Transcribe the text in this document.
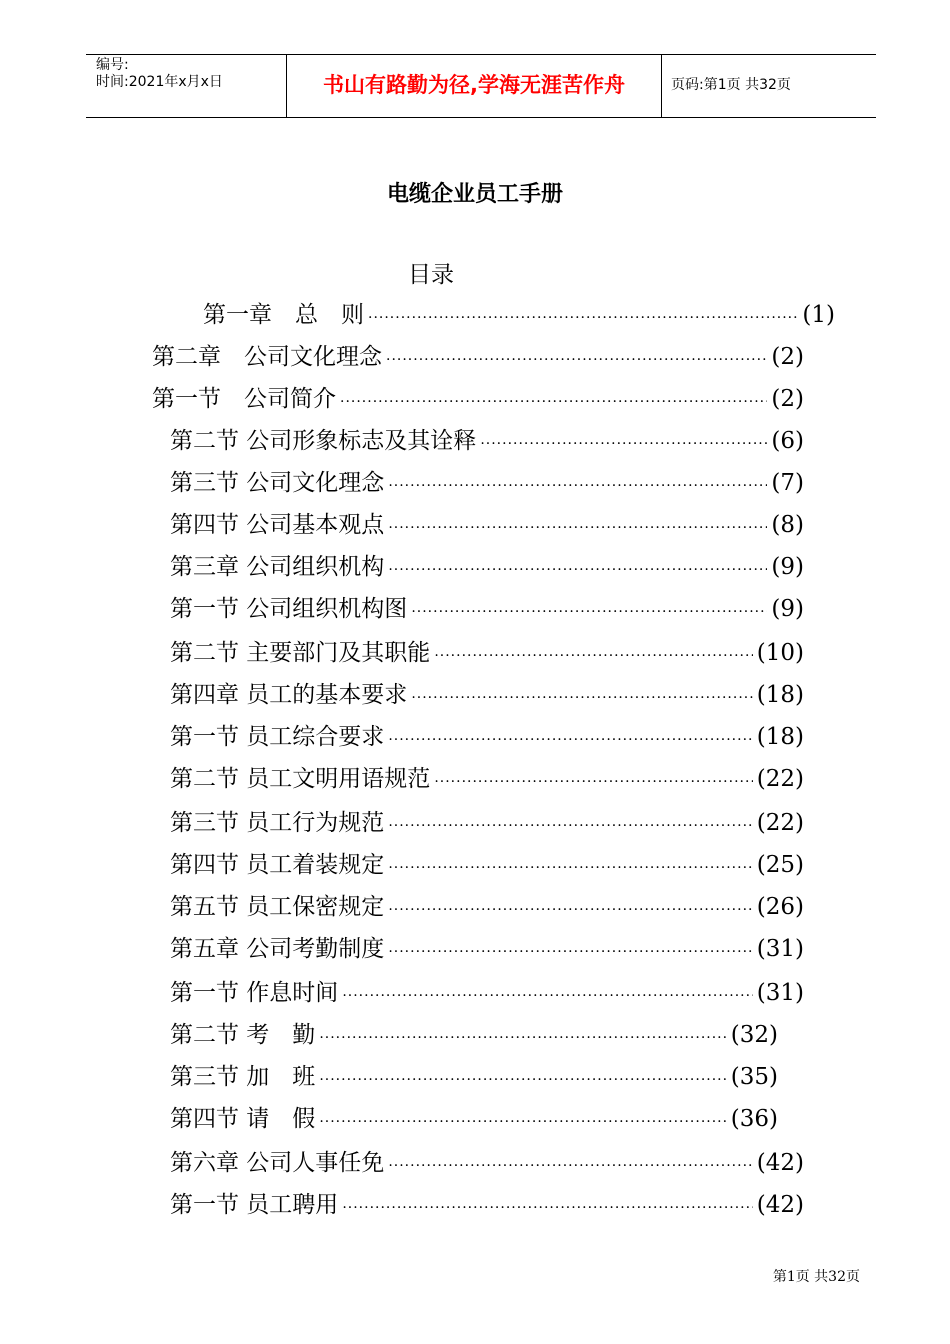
编号:
时间:2021年x月x日	书山有路勤为径,学海无涯苦作舟	页码:第1页 共32页
电缆企业员工手册
目录
第一章　总　则 ·····	(1)
第二章　公司文化理念 ·····	(2)
第一节　公司简介 ·····	(2)
第二节 公司形象标志及其诠释 ·····	(6)
第三节 公司文化理念 ·····	(7)
第四节 公司基本观点 ·····	(8)
第三章 公司组织机构 ·····	(9)
第一节 公司组织机构图 ·····	(9)
第二节 主要部门及其职能 ·····	(10)
第四章 员工的基本要求 ·····	(18)
第一节 员工综合要求 ·····	(18)
第二节 员工文明用语规范 ·····	(22)
第三节 员工行为规范 ·····	(22)
第四节 员工着装规定 ·····	(25)
第五节 员工保密规定 ·····	(26)
第五章 公司考勤制度 ·····	(31)
第一节 作息时间 ·····	(31)
第二节 考　勤 ·····	(32)
第三节 加　班 ·····	(35)
第四节 请　假 ·····	(36)
第六章 公司人事任免 ·····	(42)
第一节 员工聘用 ·····	(42)
第1页 共32页
